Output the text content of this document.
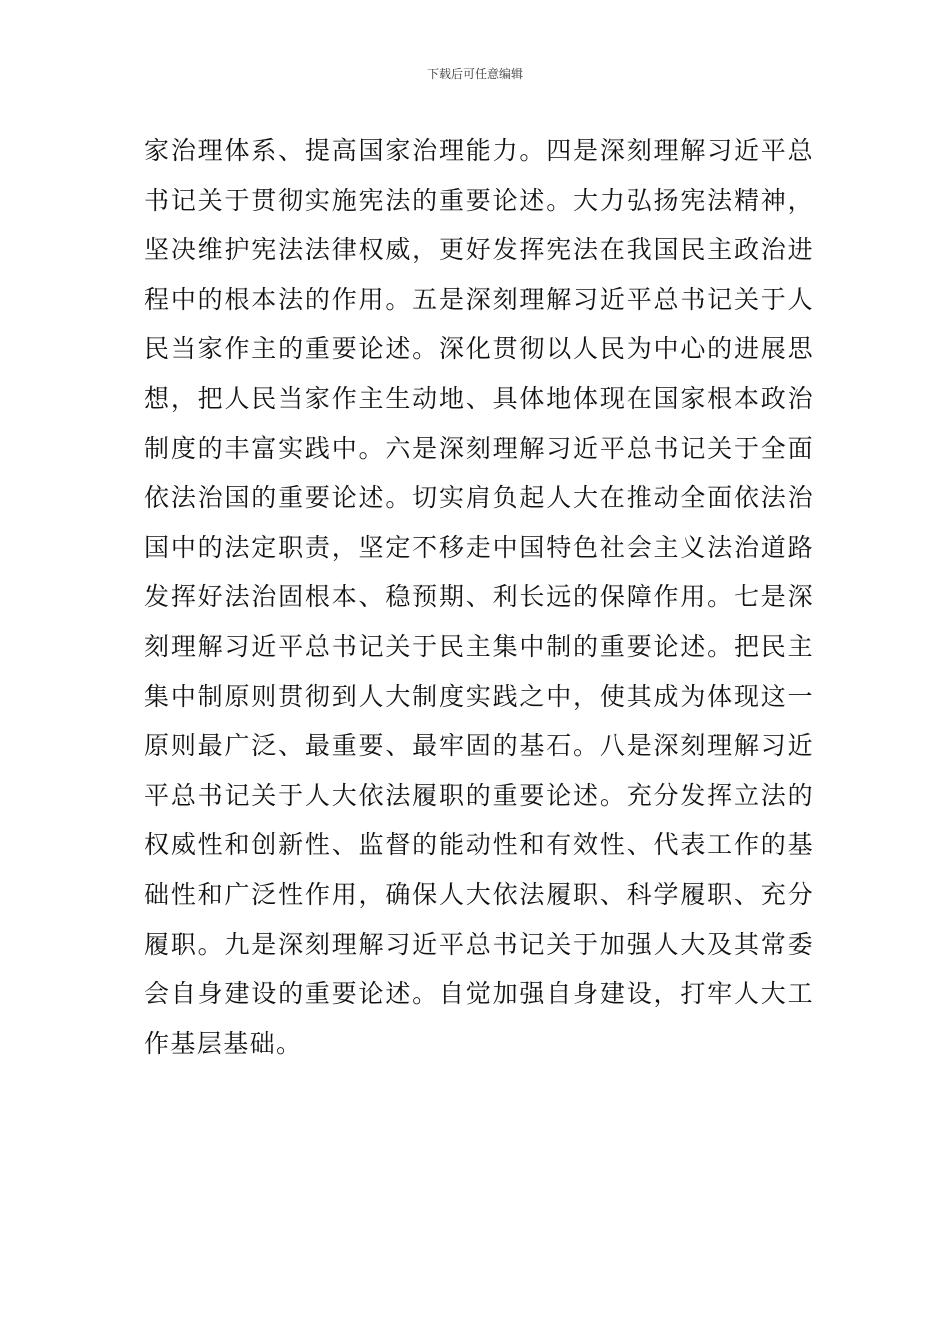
下载后可任意编辑

家治理体系、提高国家治理能力。四是深刻理解习近平总书记关于贯彻实施宪法的重要论述。大力弘扬宪法精神，坚决维护宪法法律权威，更好发挥宪法在我国民主政治进程中的根本法的作用。五是深刻理解习近平总书记关于人民当家作主的重要论述。深化贯彻以人民为中心的进展思想，把人民当家作主生动地、具体地体现在国家根本政治制度的丰富实践中。六是深刻理解习近平总书记关于全面依法治国的重要论述。切实肩负起人大在推动全面依法治国中的法定职责，坚定不移走中国特色社会主义法治道路发挥好法治固根本、稳预期、利长远的保障作用。七是深刻理解习近平总书记关于民主集中制的重要论述。把民主集中制原则贯彻到人大制度实践之中，使其成为体现这一原则最广泛、最重要、最牢固的基石。八是深刻理解习近平总书记关于人大依法履职的重要论述。充分发挥立法的权威性和创新性、监督的能动性和有效性、代表工作的基础性和广泛性作用，确保人大依法履职、科学履职、充分履职。九是深刻理解习近平总书记关于加强人大及其常委会自身建设的重要论述。自觉加强自身建设，打牢人大工作基层基础。
